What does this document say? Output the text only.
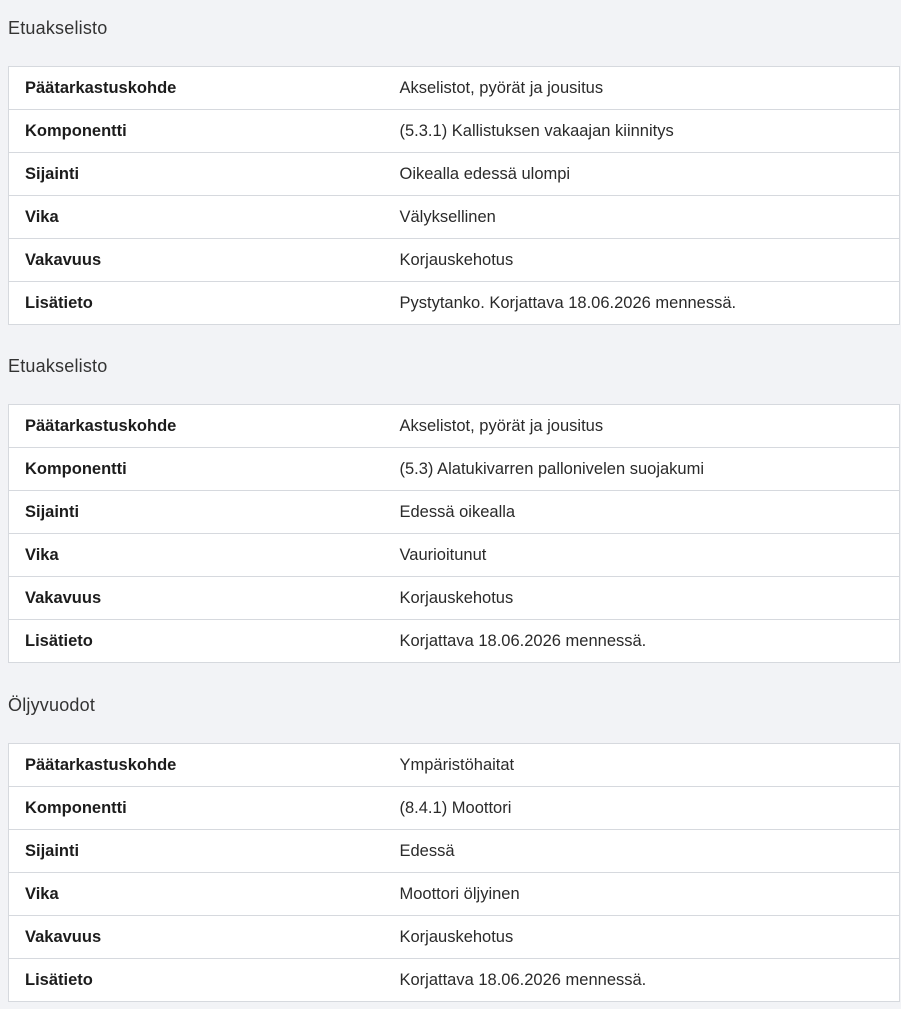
Etuakselisto
Päätarkastuskohde	Akselistot, pyörät ja jousitus
Komponentti	(5.3.1) Kallistuksen vakaajan kiinnitys
Sijainti	Oikealla edessä ulompi
Vika	Välyksellinen
Vakavuus	Korjauskehotus
Lisätieto	Pystytanko. Korjattava 18.06.2026 mennessä.
Etuakselisto
Päätarkastuskohde	Akselistot, pyörät ja jousitus
Komponentti	(5.3) Alatukivarren pallonivelen suojakumi
Sijainti	Edessä oikealla
Vika	Vaurioitunut
Vakavuus	Korjauskehotus
Lisätieto	Korjattava 18.06.2026 mennessä.
Öljyvuodot
Päätarkastuskohde	Ympäristöhaitat
Komponentti	(8.4.1) Moottori
Sijainti	Edessä
Vika	Moottori öljyinen
Vakavuus	Korjauskehotus
Lisätieto	Korjattava 18.06.2026 mennessä.
